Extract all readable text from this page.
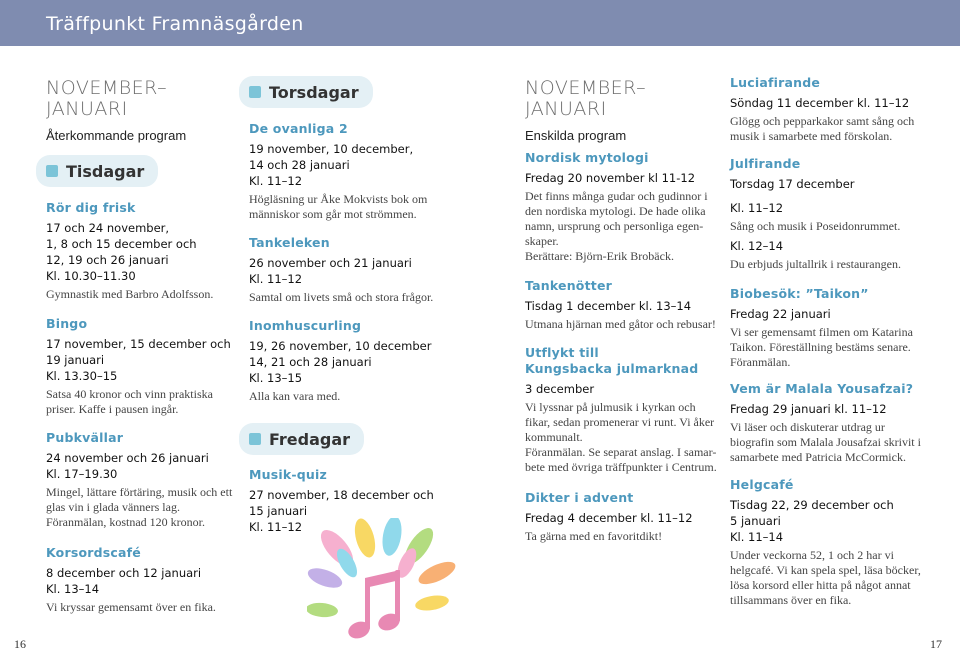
Träffpunkt Framnäsgården
NOVEMBER–
JANUARI
Återkommande program
Tisdagar
Rör dig frisk
17 och 24 november,
1, 8 och 15 december och
12, 19 och 26 januari
Kl. 10.30–11.30
Gymnastik med Barbro Adolfsson.
Bingo
17 november, 15 december och
19 januari
Kl. 13.30–15
Satsa 40 kronor och vinn praktiska
priser. Kaffe i pausen ingår.
Pubkvällar
24 november och 26 januari
Kl. 17–19.30
Mingel, lättare förtäring, musik och ett
glas vin i glada vänners lag.
Föranmälan, kostnad 120 kronor.
Korsordscafé
8 december och 12 januari
Kl. 13–14
Vi kryssar gemensamt över en fika.
Torsdagar
De ovanliga 2
19 november, 10 december,
14 och 28 januari
Kl. 11–12
Högläsning ur Åke Mokvists bok om
människor som går mot strömmen.
Tankeleken
26 november och 21 januari
Kl. 11–12
Samtal om livets små och stora frågor.
Inomhuscurling
19, 26 november, 10 december
14, 21 och 28 januari
Kl. 13–15
Alla kan vara med.
Fredagar
Musik-quiz
27 november, 18 december och
15 januari
Kl. 11–12
16
NOVEMBER–
JANUARI
Enskilda program
Nordisk mytologi
Fredag 20 november kl 11-12
Det finns många gudar och gudinnor i
den nordiska mytologi. De hade olika
namn, ursprung och personliga egen-
skaper.
Berättare: Björn-Erik Brobäck.
Tankenötter
Tisdag 1 december kl. 13–14
Utmana hjärnan med gåtor och rebusar!
Utflykt till
Kungsbacka julmarknad
3 december
Vi lyssnar på julmusik i kyrkan och
fikar, sedan promenerar vi runt. Vi åker
kommunalt.
Föranmälan. Se separat anslag. I samar-
bete med övriga träffpunkter i Centrum.
Dikter i advent
Fredag 4 december kl. 11–12
Ta gärna med en favoritdikt!
Luciafirande
Söndag 11 december kl. 11–12
Glögg och pepparkakor samt sång och
musik i samarbete med förskolan.
Julfirande
Torsdag 17 december
Kl. 11–12
Sång och musik i Poseidonrummet.
Kl. 12–14
Du erbjuds jultallrik i restaurangen.
Biobesök: ”Taikon”
Fredag 22 januari
Vi ser gemensamt filmen om Katarina
Taikon. Föreställning bestäms senare.
Föranmälan.
Vem är Malala Yousafzai?
Fredag 29 januari kl. 11–12
Vi läser och diskuterar utdrag ur
biografin som Malala Jousafzai skrivit i
samarbete med Patricia McCormick.
Helgcafé
Tisdag 22, 29 december och
5 januari
Kl. 11–14
Under veckorna 52, 1 och 2 har vi
helgcafé. Vi kan spela spel, läsa böcker,
lösa korsord eller hitta på något annat
tillsammans över en fika.
17
